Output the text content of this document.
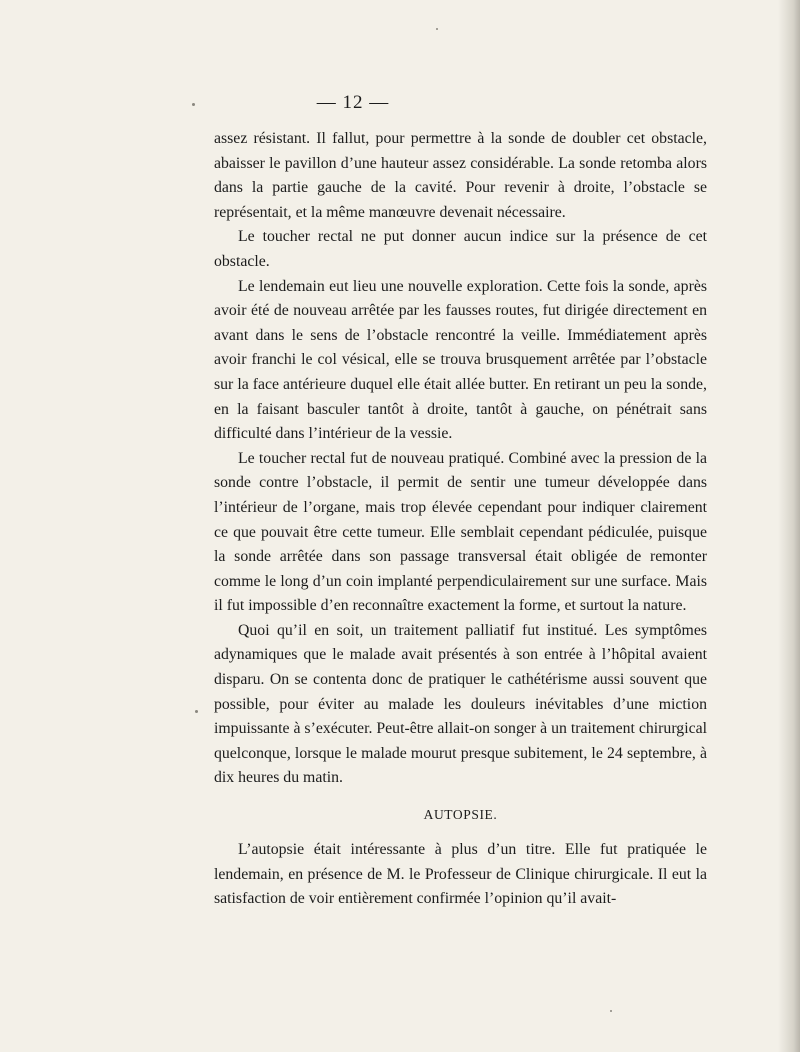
— 12 —

assez résistant. Il fallut, pour permettre à la sonde de doubler cet obstacle, abaisser le pavillon d’une hauteur assez considérable. La sonde retomba alors dans la partie gauche de la cavité. Pour revenir à droite, l’obstacle se représentait, et la même manœuvre devenait nécessaire.

Le toucher rectal ne put donner aucun indice sur la présence de cet obstacle.

Le lendemain eut lieu une nouvelle exploration. Cette fois la sonde, après avoir été de nouveau arrêtée par les fausses routes, fut dirigée directement en avant dans le sens de l’obstacle rencontré la veille. Immédiatement après avoir franchi le col vésical, elle se trouva brusquement arrêtée par l’obstacle sur la face antérieure duquel elle était allée butter. En retirant un peu la sonde, en la faisant basculer tantôt à droite, tantôt à gauche, on pénétrait sans difficulté dans l’intérieur de la vessie.

Le toucher rectal fut de nouveau pratiqué. Combiné avec la pression de la sonde contre l’obstacle, il permit de sentir une tumeur développée dans l’intérieur de l’organe, mais trop élevée cependant pour indiquer clairement ce que pouvait être cette tumeur. Elle semblait cependant pédiculée, puisque la sonde arrêtée dans son passage transversal était obligée de remonter comme le long d’un coin implanté perpendiculairement sur une surface. Mais il fut impossible d’en reconnaître exactement la forme, et surtout la nature.

Quoi qu’il en soit, un traitement palliatif fut institué. Les symptômes adynamiques que le malade avait présentés à son entrée à l’hôpital avaient disparu. On se contenta donc de pratiquer le cathétérisme aussi souvent que possible, pour éviter au malade les douleurs inévitables d’une miction impuissante à s’exécuter. Peut-être allait-on songer à un traitement chirurgical quelconque, lorsque le malade mourut presque subitement, le 24 septembre, à dix heures du matin.

AUTOPSIE.

L’autopsie était intéressante à plus d’un titre. Elle fut pratiquée le lendemain, en présence de M. le Professeur de Clinique chirurgicale. Il eut la satisfaction de voir entièrement confirmée l’opinion qu’il avait-
